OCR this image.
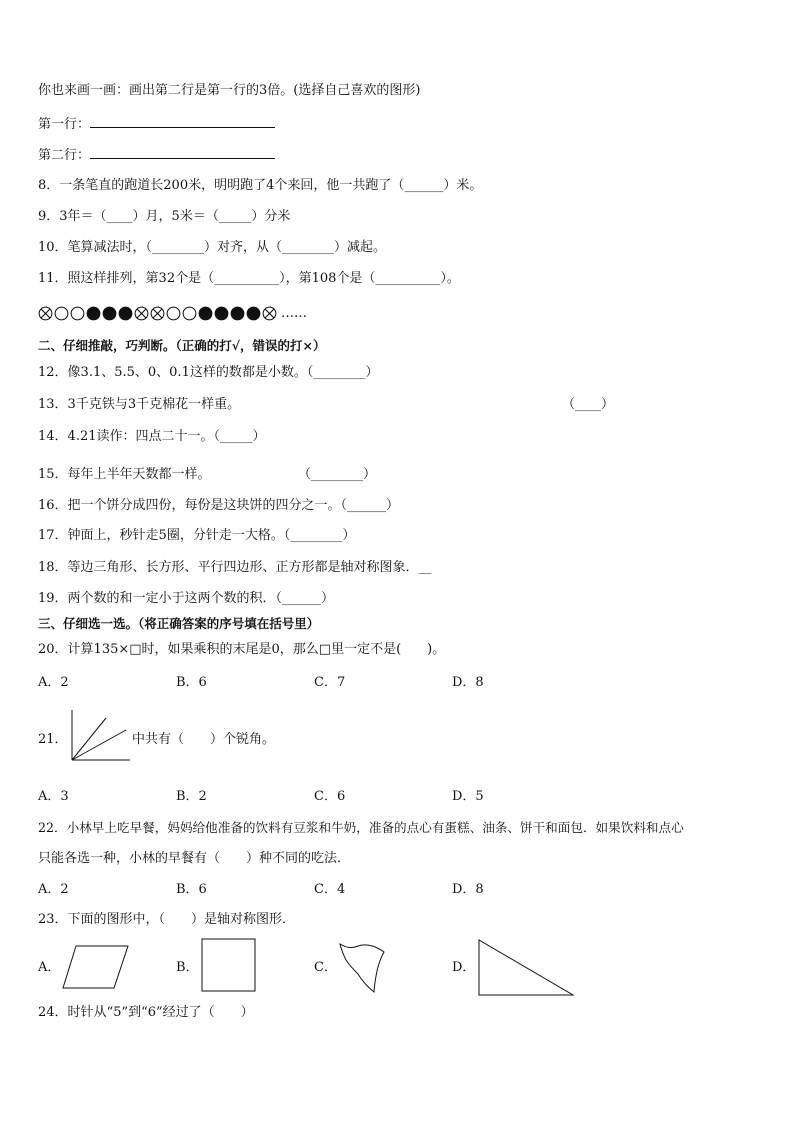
你也来画一画：画出第二行是第一行的3倍。(选择自己喜欢的图形)
第一行：
第二行：
8．一条笔直的跑道长200米，明明跑了4个来回，他一共跑了（______）米。
9．3年＝（____）月，5米＝（_____）分米
10．笔算减法时，（________）对齐，从（________）减起。
11．照这样排列，第32个是（__________），第108个是（__________）。
……
二、仔细推敲，巧判断。（正确的打√，错误的打×）
12．像3.1、5.5、0、0.1这样的数都是小数。（________）
13．3千克铁与3千克棉花一样重。	（____）
14．4.21读作：四点二十一。（_____）
15．每年上半年天数都一样。	（________）
16．把一个饼分成四份，每份是这块饼的四分之一。（______）
17．钟面上，秒针走5圈，分针走一大格。（________）
18．等边三角形、长方形、平行四边形、正方形都是轴对称图象．__
19．两个数的和一定小于这两个数的积．（______）
三、仔细选一选。（将正确答案的序号填在括号里）
20．计算135×□时，如果乘积的末尾是0，那么□里一定不是(　　)。
A．2	B．6	C．7	D．8
21．	中共有（　　）个锐角。
A．3	B．2	C．6	D．5
22．小林早上吃早餐，妈妈给他准备的饮料有豆浆和牛奶，准备的点心有蛋糕、油条、饼干和面包．如果饮料和点心
只能各选一种，小林的早餐有（　　）种不同的吃法．
A．2	B．6	C．4	D．8
23．下面的图形中，（　　）是轴对称图形．
A．	B．	C．	D．
24．时针从“5”到“6”经过了（　　）
